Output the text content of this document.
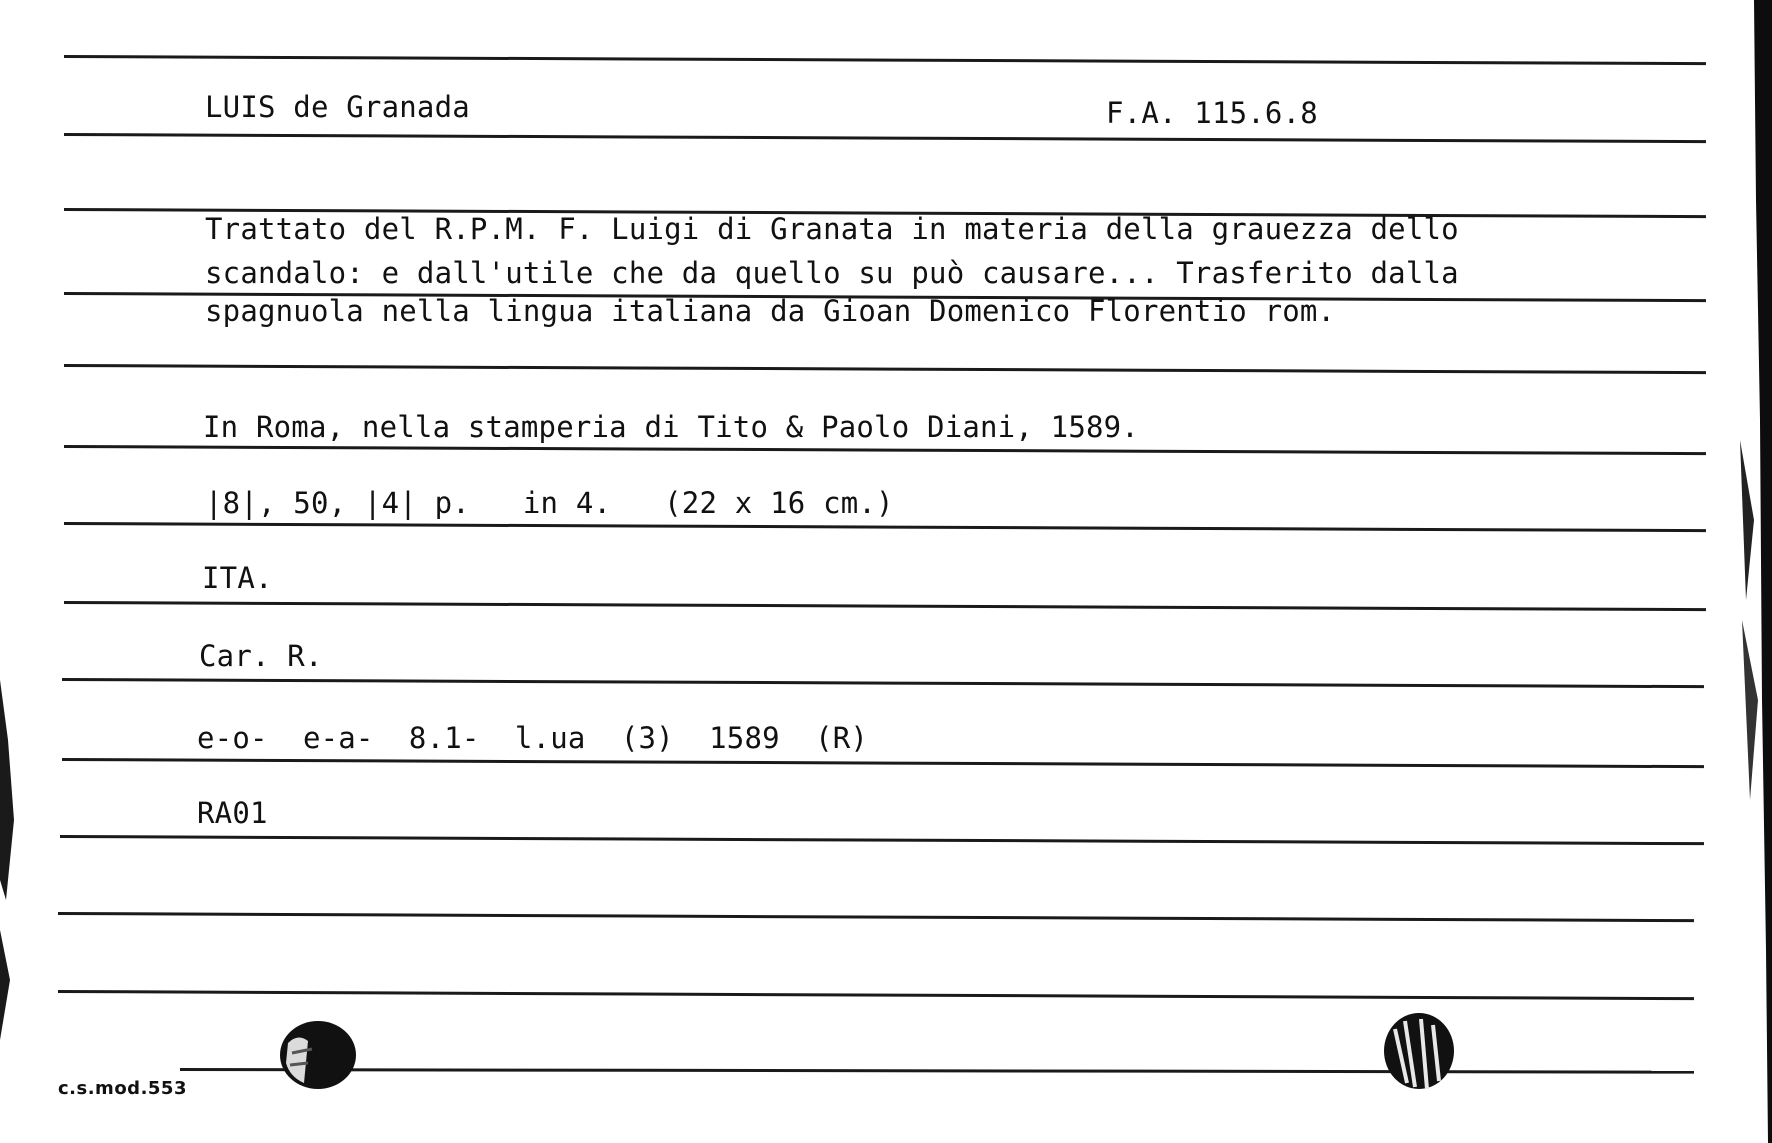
LUIS de Granada	F.A. 115.6.8
Trattato del R.P.M. F. Luigi di Granata in materia della grauezza dello
scandalo: e dall'utile che da quello su può causare... Trasferito dalla
spagnuola nella lingua italiana da Gioan Domenico Florentio rom.
In Roma, nella stamperia di Tito & Paolo Diani, 1589.
|8|, 50, |4| p.   in 4.   (22 x 16 cm.)
ITA.
Car. R.
e-o-  e-a-  8.1-  l.ua  (3)  1589  (R)
RA01
c.s.mod.553
